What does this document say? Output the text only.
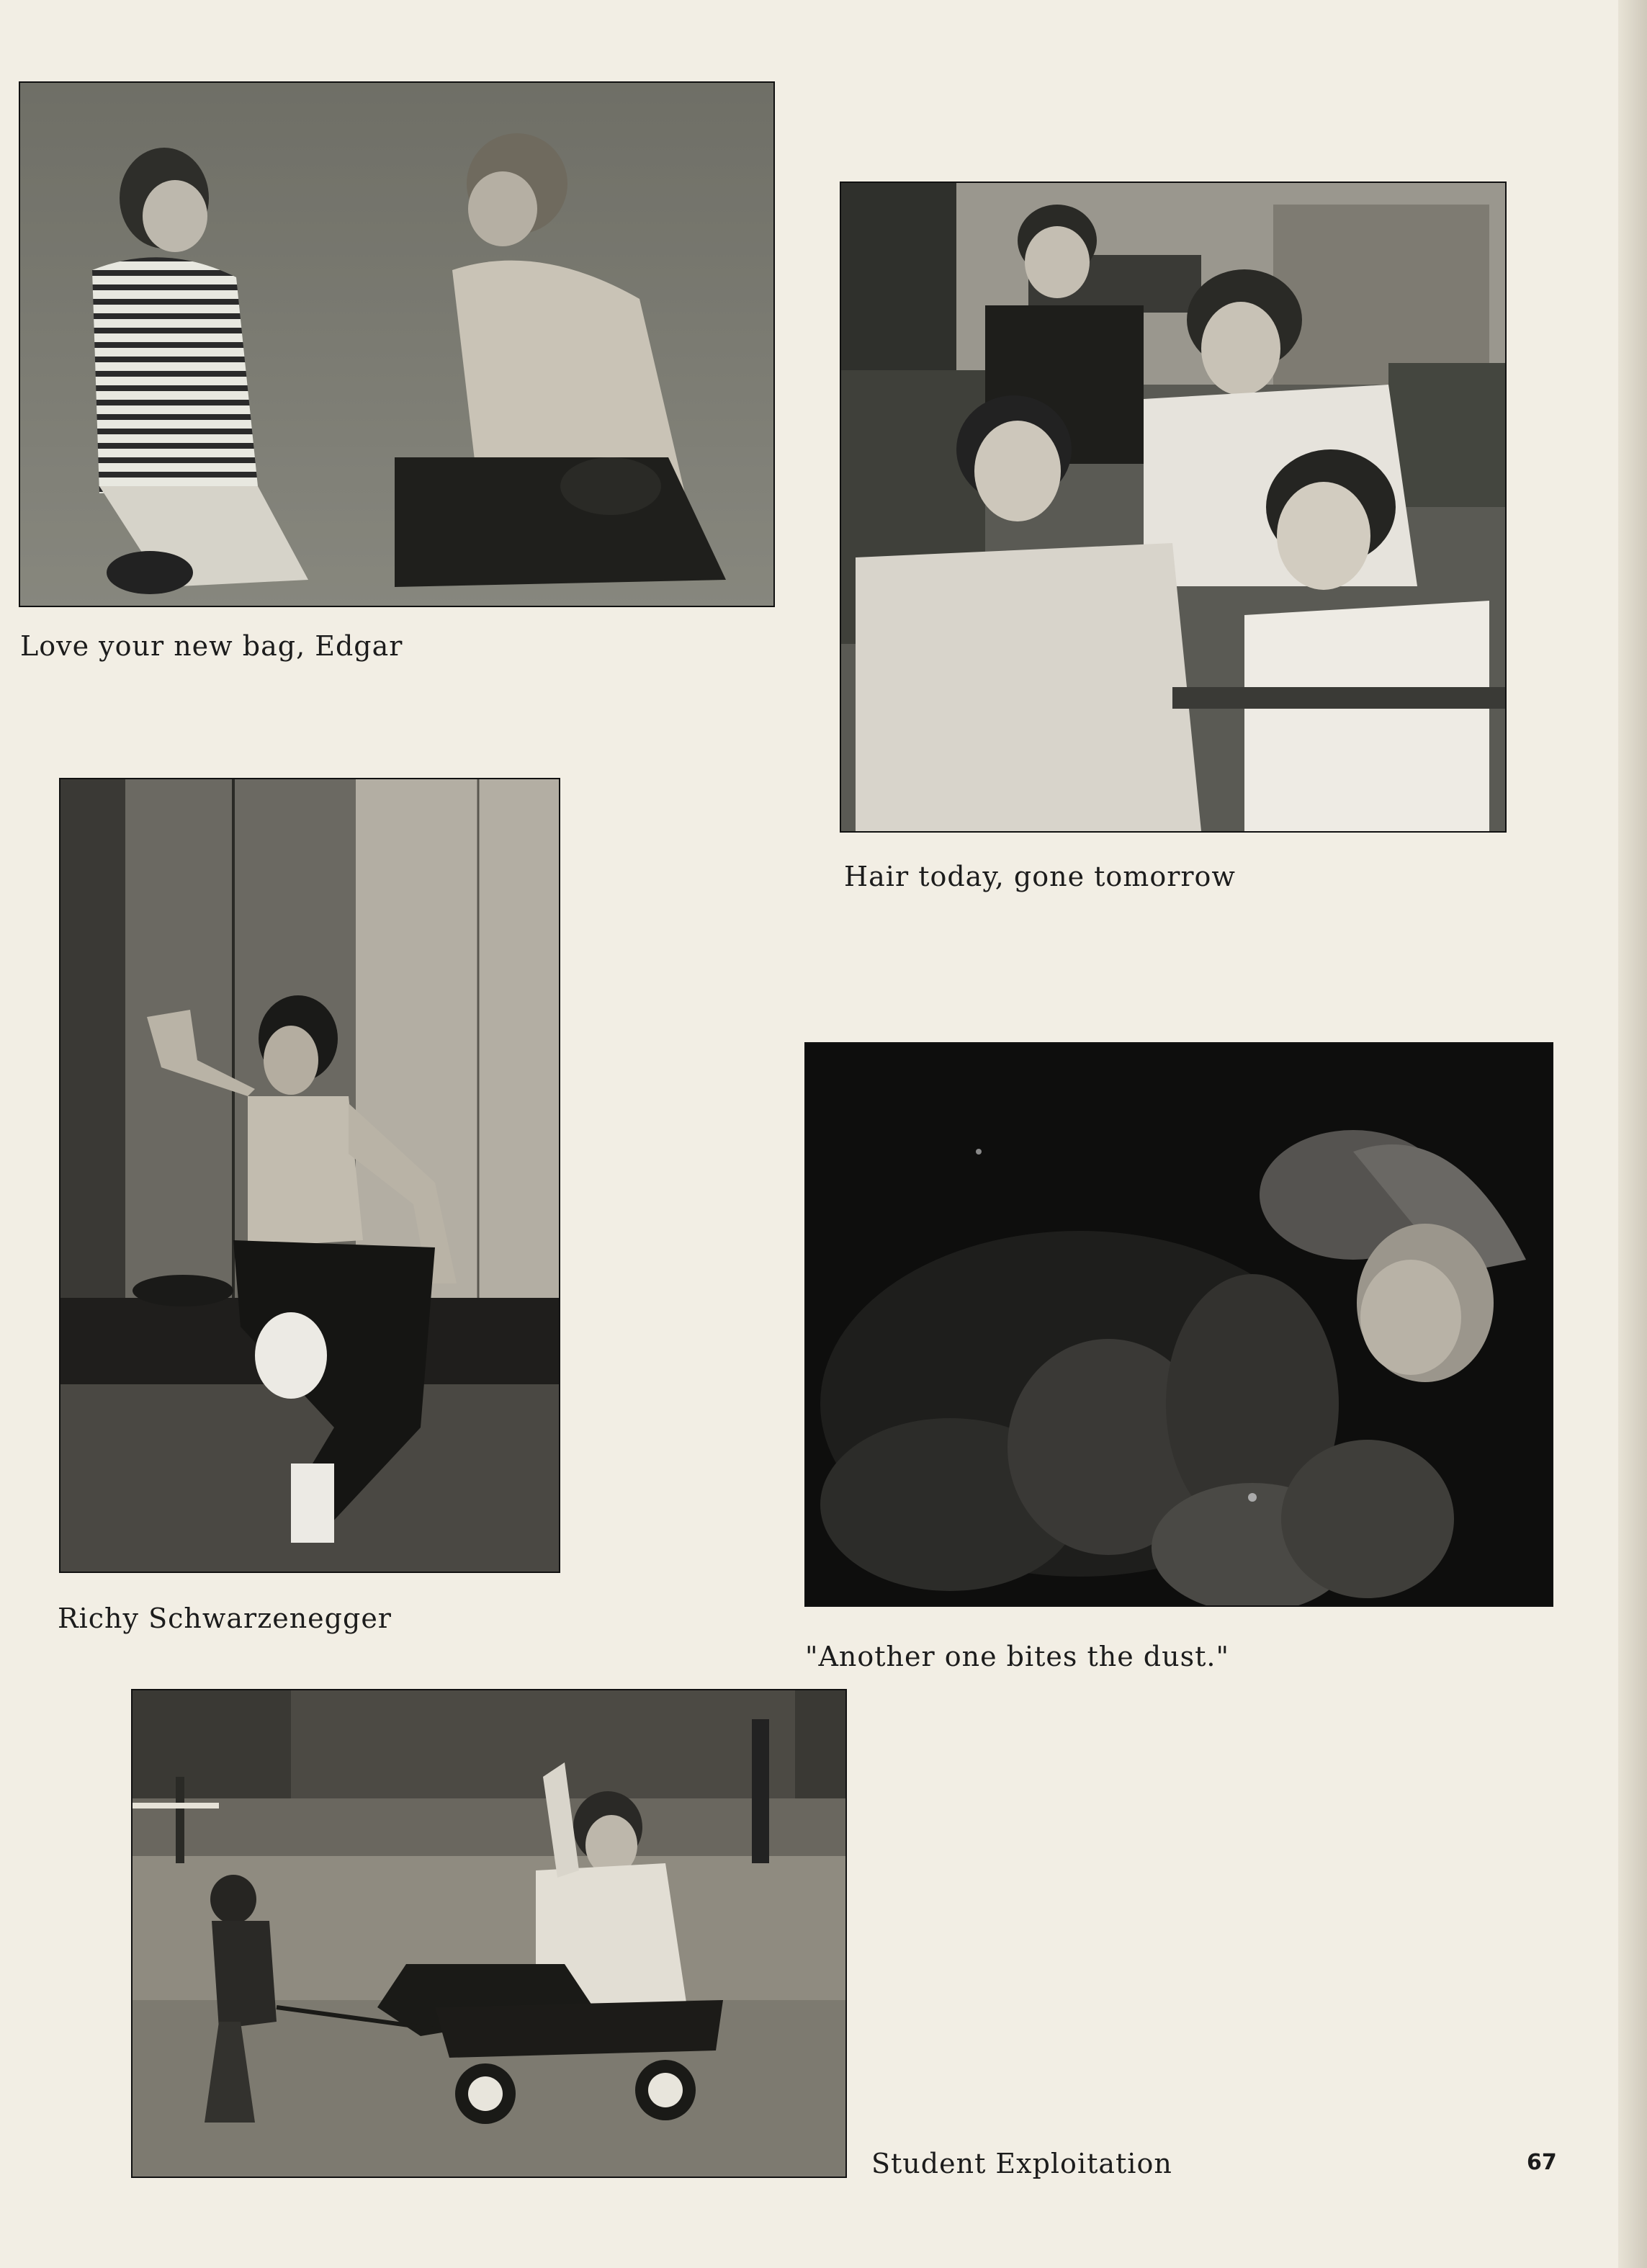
Love your new bag, Edgar
Hair today, gone tomorrow
Richy Schwarzenegger
"Another one bites the dust."
Student Exploitation	67
